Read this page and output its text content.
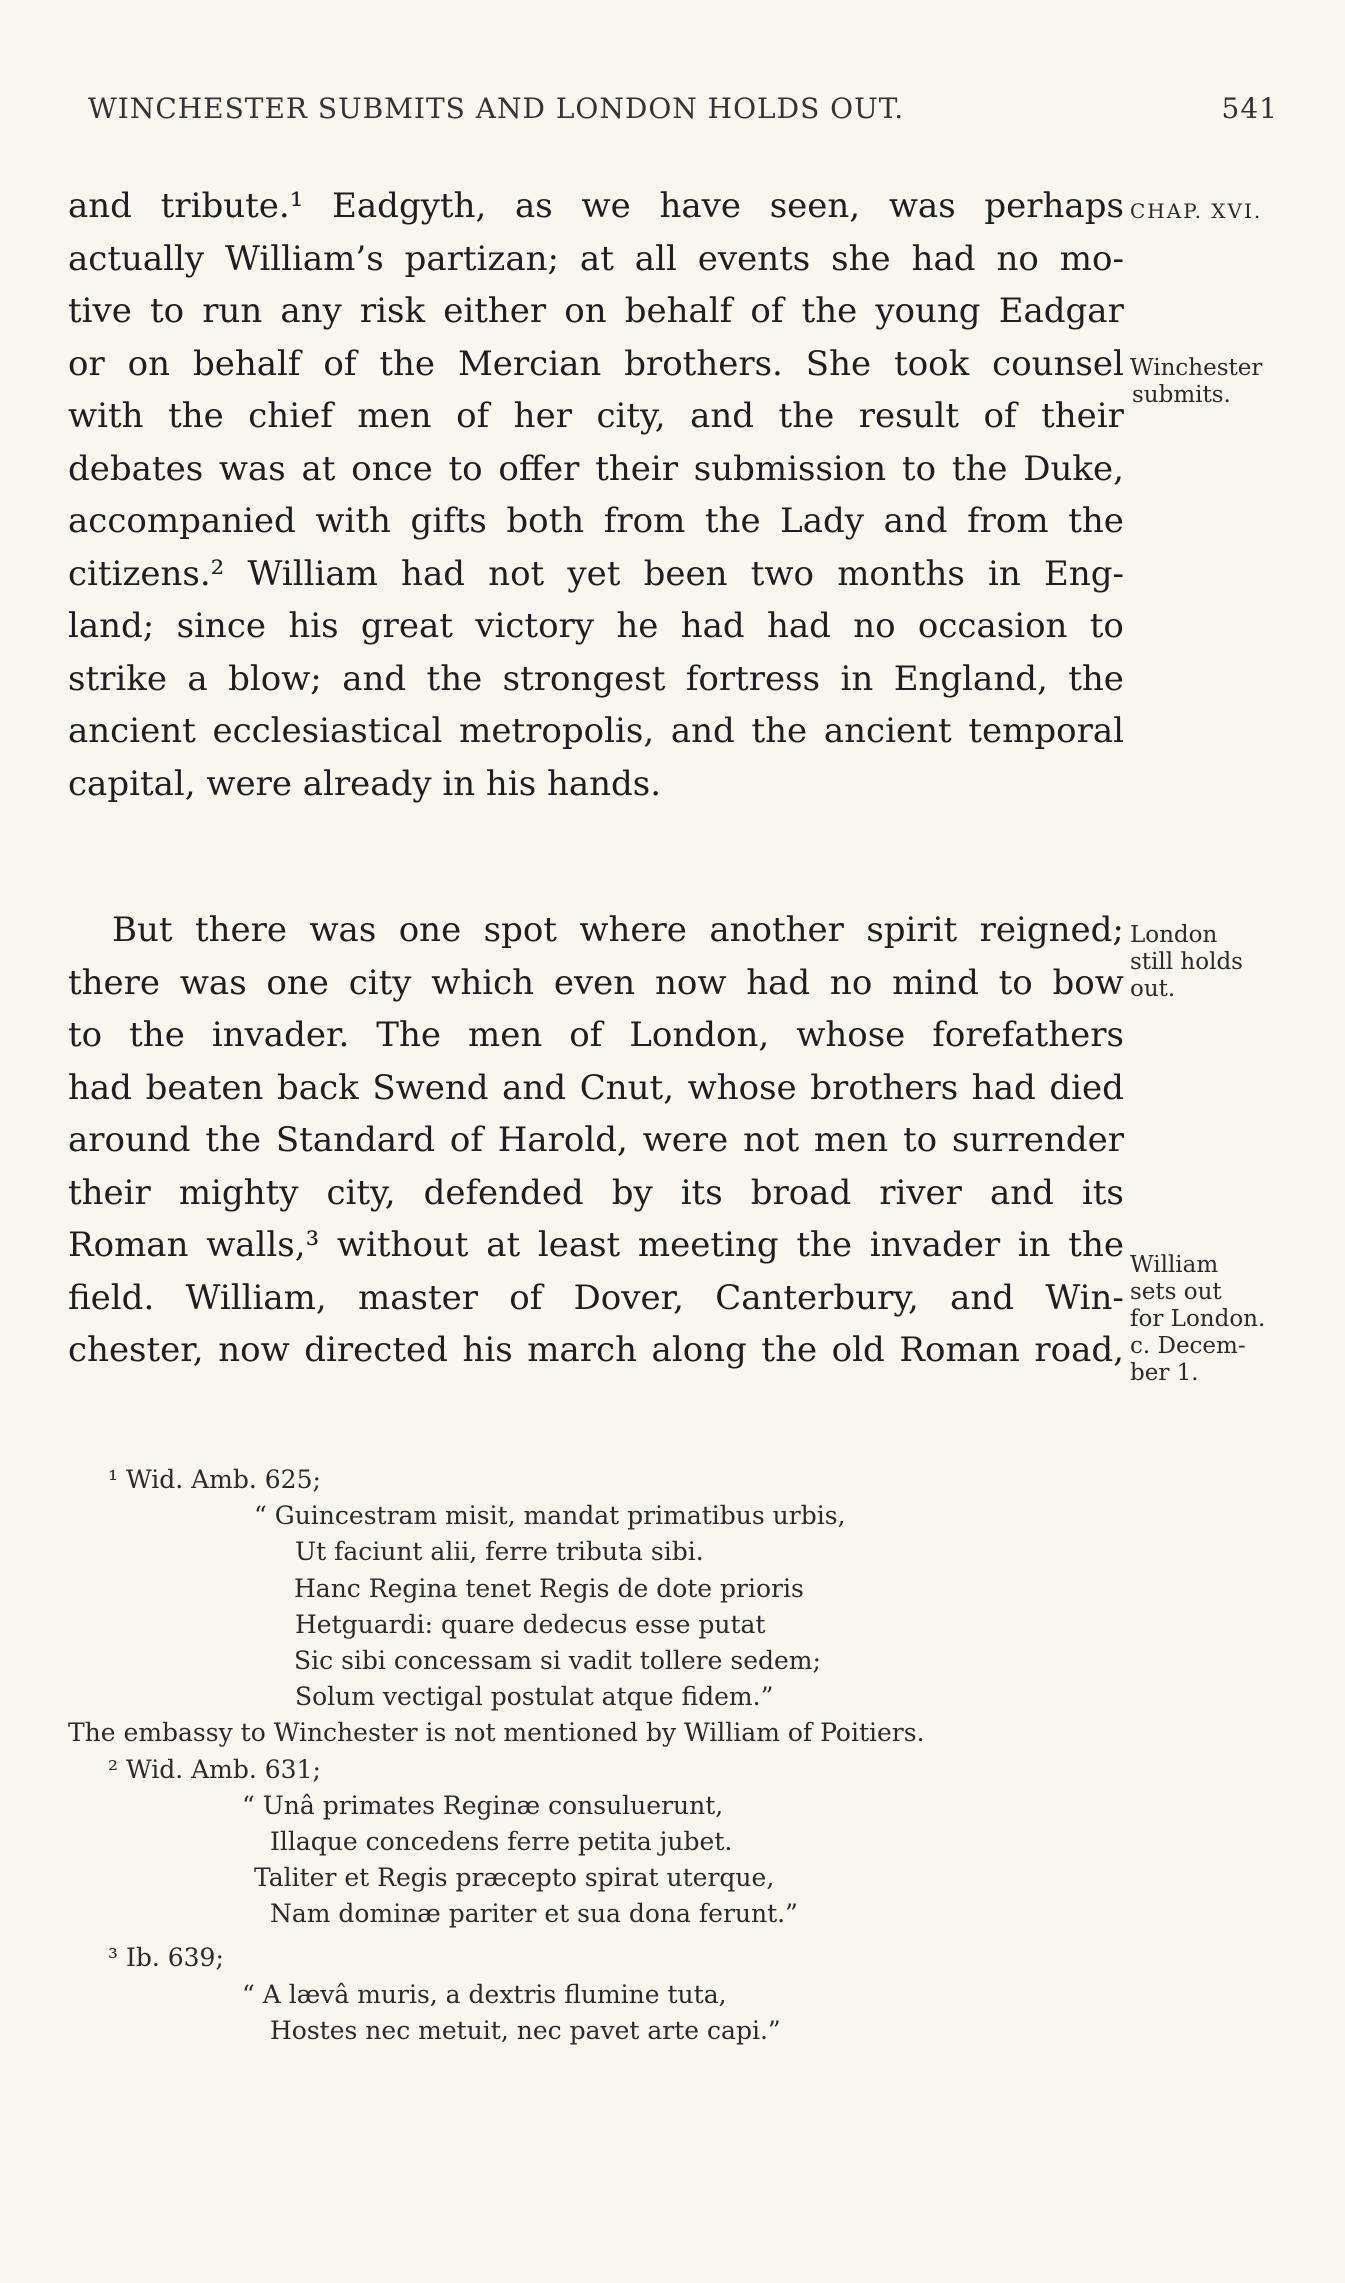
WINCHESTER SUBMITS AND LONDON HOLDS OUT.	541
and tribute.¹ Eadgyth, as we have seen, was perhaps
actually William’s partizan; at all events she had no mo-
tive to run any risk either on behalf of the young Eadgar
or on behalf of the Mercian brothers. She took counsel
with the chief men of her city, and the result of their
debates was at once to offer their submission to the Duke,
accompanied with gifts both from the Lady and from the
citizens.² William had not yet been two months in Eng-
land; since his great victory he had had no occasion to
strike a blow; and the strongest fortress in England, the
ancient ecclesiastical metropolis, and the ancient temporal
capital, were already in his hands.
But there was one spot where another spirit reigned;
there was one city which even now had no mind to bow
to the invader. The men of London, whose forefathers
had beaten back Swend and Cnut, whose brothers had died
around the Standard of Harold, were not men to surrender
their mighty city, defended by its broad river and its
Roman walls,³ without at least meeting the invader in the
field. William, master of Dover, Canterbury, and Win-
chester, now directed his march along the old Roman road,
CHAP. XVI.
Winchester
submits.
London
still holds
out.
William
sets out
for London.
c. Decem-
ber 1.
¹ Wid. Amb. 625;
“ Guincestram misit, mandat primatibus urbis,
Ut faciunt alii, ferre tributa sibi.
Hanc Regina tenet Regis de dote prioris
Hetguardi: quare dedecus esse putat
Sic sibi concessam si vadit tollere sedem;
Solum vectigal postulat atque fidem.”
The embassy to Winchester is not mentioned by William of Poitiers.
² Wid. Amb. 631;
“ Unâ primates Reginæ consuluerunt,
Illaque concedens ferre petita jubet.
Taliter et Regis præcepto spirat uterque,
Nam dominæ pariter et sua dona ferunt.”
³ Ib. 639;
“ A lævâ muris, a dextris flumine tuta,
Hostes nec metuit, nec pavet arte capi.”
